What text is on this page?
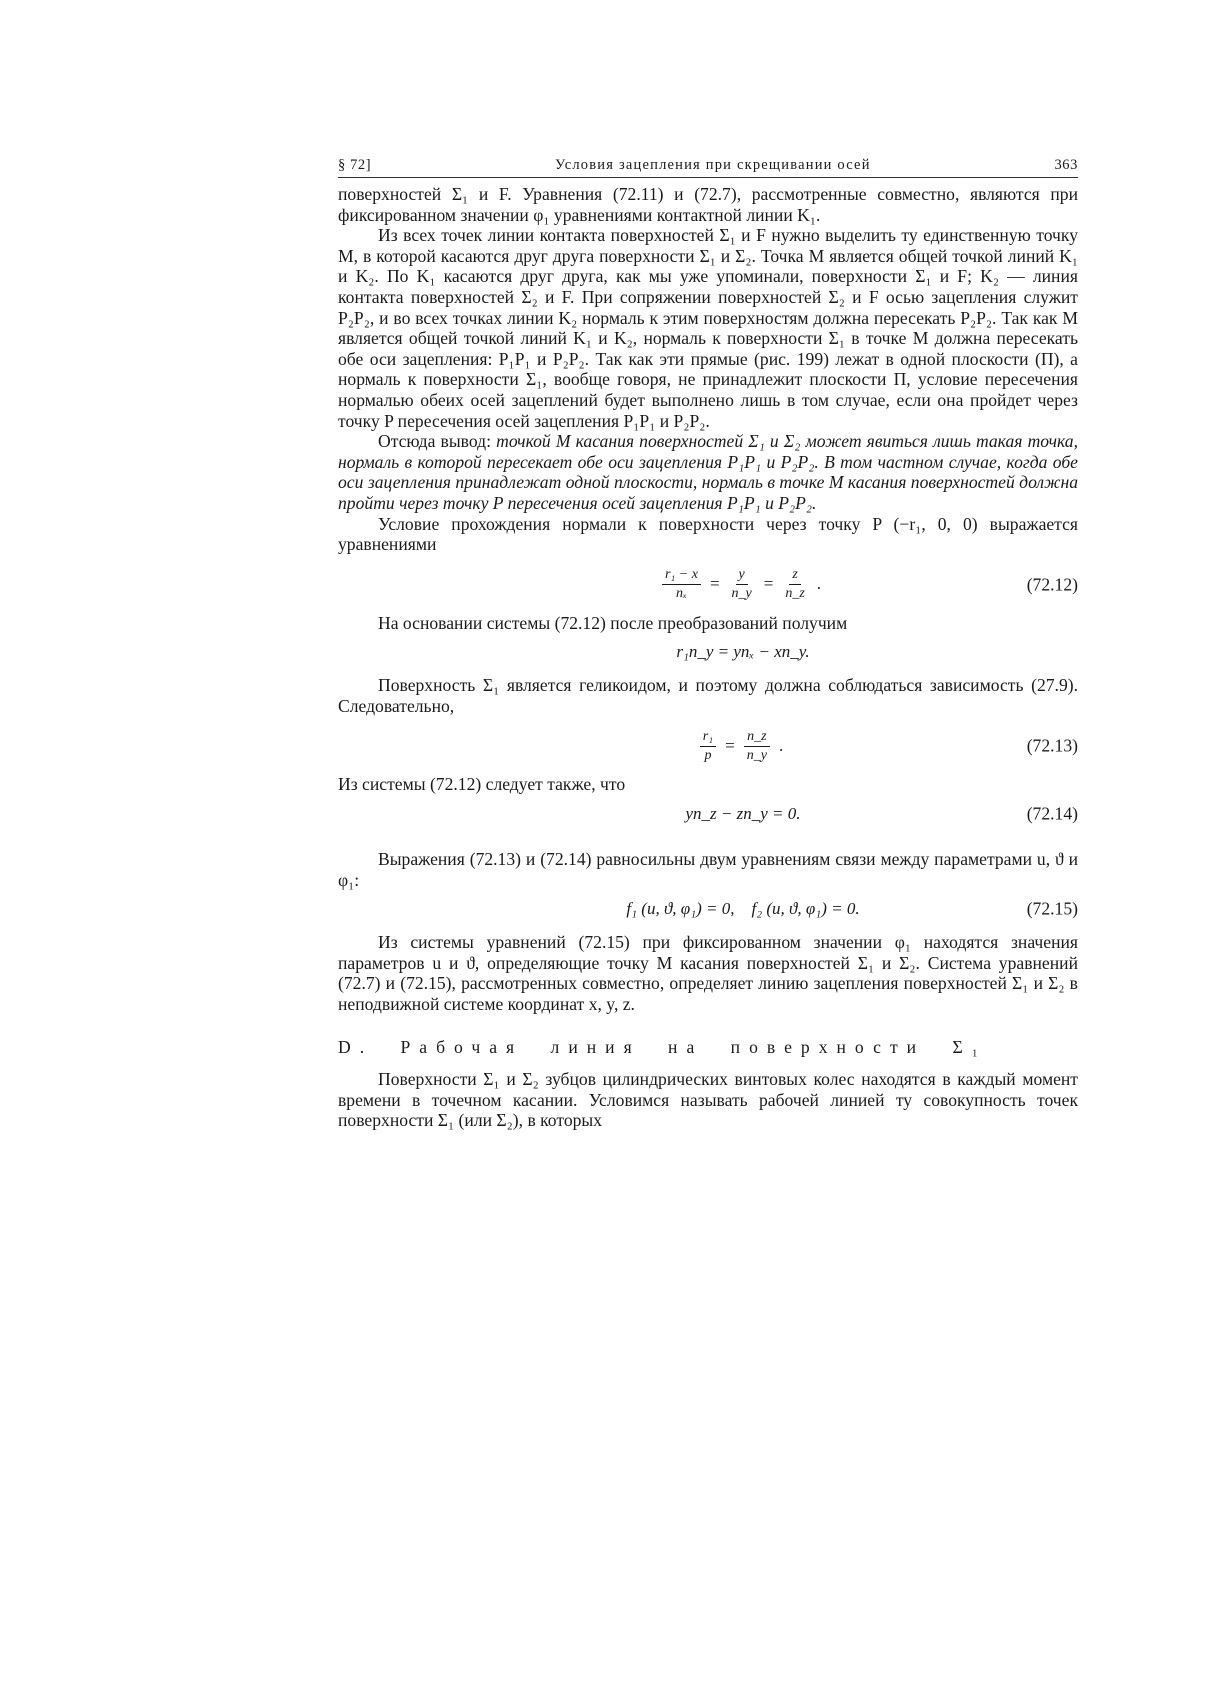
§ 72]	Условия зацепления при скрещивании осей	363

поверхностей Σ₁ и F. Уравнения (72.11) и (72.7), рассмотренные совместно, являются при фиксированном значении φ₁ уравнениями контактной линии K₁.

Из всех точек линии контакта поверхностей Σ₁ и F нужно выделить ту единственную точку M, в которой касаются друг друга поверхности Σ₁ и Σ₂. Точка M является общей точкой линий K₁ и K₂. По K₁ касаются друг друга, как мы уже упоминали, поверхности Σ₁ и F; K₂ — линия контакта поверхностей Σ₂ и F. При сопряжении поверхностей Σ₂ и F осью зацепления служит P₂P₂, и во всех точках линии K₂ нормаль к этим поверхностям должна пересекать P₂P₂. Так как M является общей точкой линий K₁ и K₂, нормаль к поверхности Σ₁ в точке M должна пересекать обе оси зацепления: P₁P₁ и P₂P₂. Так как эти прямые (рис. 199) лежат в одной плоскости (П), а нормаль к поверхности Σ₁, вообще говоря, не принадлежит плоскости П, условие пересечения нормалью обеих осей зацеплений будет выполнено лишь в том случае, если она пройдет через точку P пересечения осей зацепления P₁P₁ и P₂P₂.

Отсюда вывод: точкой M касания поверхностей Σ₁ и Σ₂ может явиться лишь такая точка, нормаль в которой пересекает обе оси зацепления P₁P₁ и P₂P₂. В том частном случае, когда обе оси зацепления принадлежат одной плоскости, нормаль в точке M касания поверхностей должна пройти через точку P пересечения осей зацепления P₁P₁ и P₂P₂.

Условие прохождения нормали к поверхности через точку P (−r₁, 0, 0) выражается уравнениями

$\frac{\text{r₁ − x}}{\text{nₓ}} = \frac{y}{n\_y} = \frac{z}{n\_z}$ .	(72.12)

На основании системы (72.12) после преобразований получим

r₁n_y = ynₓ − xn_y.

Поверхность Σ₁ является геликоидом, и поэтому должна соблюдаться зависимость (27.9). Следовательно,

$\frac{\text{r₁}}{p} = \frac{n\_z}{n\_y}$ .	(72.13)

Из системы (72.12) следует также, что

yn_z − zn_y = 0.	(72.14)

Выражения (72.13) и (72.14) равносильны двум уравнениям связи между параметрами u, ϑ и φ₁:

f₁ (u, ϑ, φ₁) = 0,    f₂ (u, ϑ, φ₁) = 0.	(72.15)

Из системы уравнений (72.15) при фиксированном значении φ₁ находятся значения параметров u и ϑ, определяющие точку M касания поверхностей Σ₁ и Σ₂. Система уравнений (72.7) и (72.15), рассмотренных совместно, определяет линию зацепления поверхностей Σ₁ и Σ₂ в неподвижной системе координат x, y, z.

D. Рабочая линия на поверхности Σ₁

Поверхности Σ₁ и Σ₂ зубцов цилиндрических винтовых колес находятся в каждый момент времени в точечном касании. Условимся называть рабочей линией ту совокупность точек поверхности Σ₁ (или Σ₂), в которых
